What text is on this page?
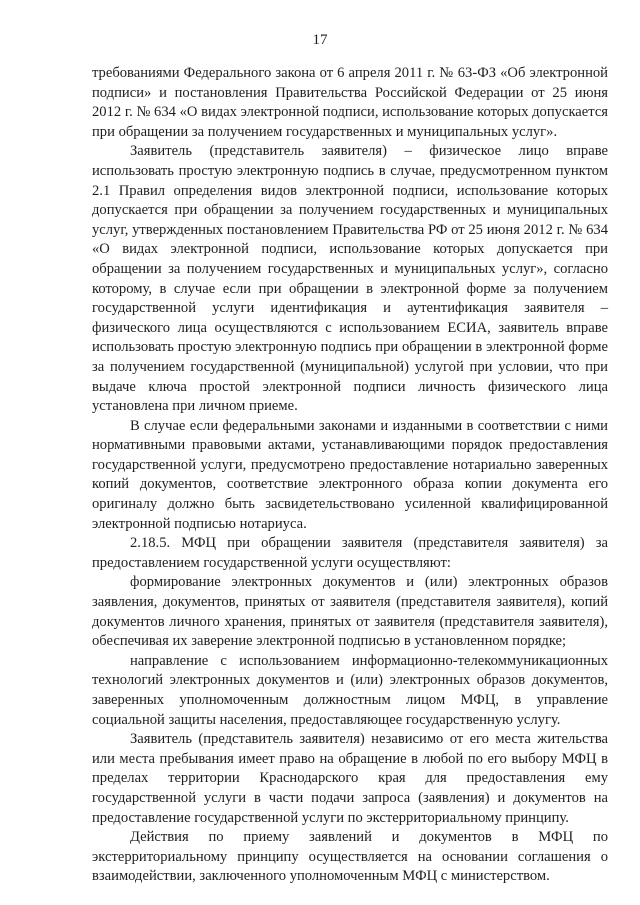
17

требованиями Федерального закона от 6 апреля 2011 г. № 63-ФЗ «Об электронной подписи» и постановления Правительства Российской Федерации от 25 июня 2012 г. № 634 «О видах электронной подписи, использование которых допускается при обращении за получением государственных и муниципальных услуг».

Заявитель (представитель заявителя) – физическое лицо вправе использовать простую электронную подпись в случае, предусмотренном пунктом 2.1 Правил определения видов электронной подписи, использование которых допускается при обращении за получением государственных и муниципальных услуг, утвержденных постановлением Правительства РФ от 25 июня 2012 г. № 634 «О видах электронной подписи, использование которых допускается при обращении за получением государственных и муниципальных услуг», согласно которому, в случае если при обращении в электронной форме за получением государственной услуги идентификация и аутентификация заявителя – физического лица осуществляются с использованием ЕСИА, заявитель вправе использовать простую электронную подпись при обращении в электронной форме за получением государственной (муниципальной) услугой при условии, что при выдаче ключа простой электронной подписи личность физического лица установлена при личном приеме.

В случае если федеральными законами и изданными в соответствии с ними нормативными правовыми актами, устанавливающими порядок предоставления государственной услуги, предусмотрено предоставление нотариально заверенных копий документов, соответствие электронного образа копии документа его оригиналу должно быть засвидетельствовано усиленной квалифицированной электронной подписью нотариуса.

2.18.5. МФЦ при обращении заявителя (представителя заявителя) за предоставлением государственной услуги осуществляют:

формирование электронных документов и (или) электронных образов заявления, документов, принятых от заявителя (представителя заявителя), копий документов личного хранения, принятых от заявителя (представителя заявителя), обеспечивая их заверение электронной подписью в установленном порядке;

направление с использованием информационно-телекоммуникационных технологий электронных документов и (или) электронных образов документов, заверенных уполномоченным должностным лицом МФЦ, в управление социальной защиты населения, предоставляющее государственную услугу.

Заявитель (представитель заявителя) независимо от его места жительства или места пребывания имеет право на обращение в любой по его выбору МФЦ в пределах территории Краснодарского края для предоставления ему государственной услуги в части подачи запроса (заявления) и документов на предоставление государственной услуги по экстерриториальному принципу.

Действия по приему заявлений и документов в МФЦ по экстерриториальному принципу осуществляется на основании соглашения о взаимодействии, заключенного уполномоченным МФЦ с министерством.
